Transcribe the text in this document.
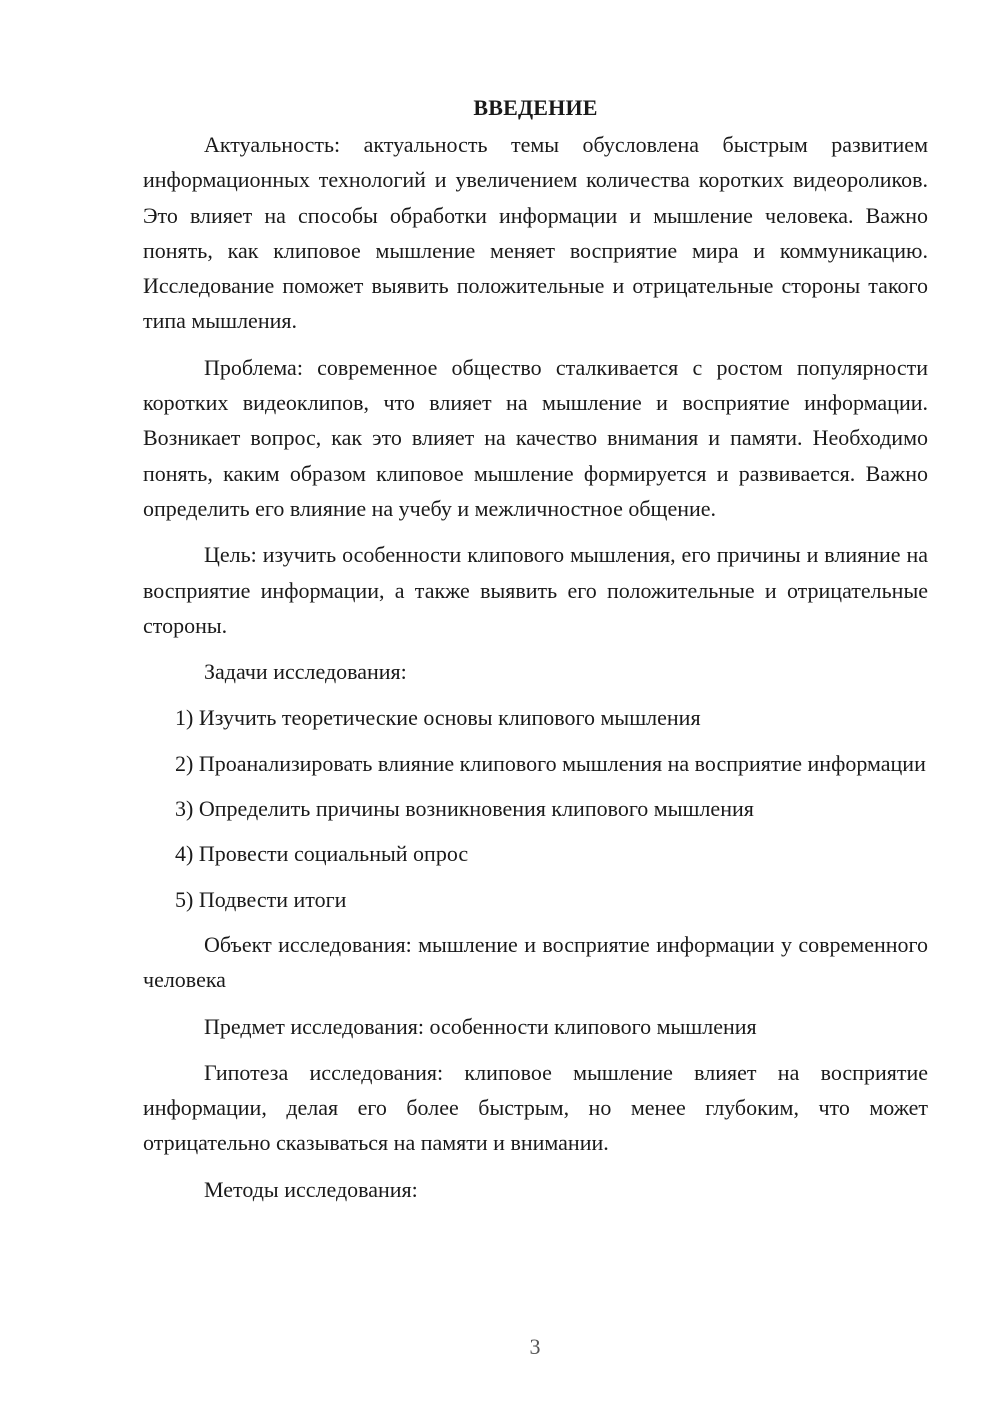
ВВЕДЕНИЕ

Актуальность: актуальность темы обусловлена быстрым развитием информационных технологий и увеличением количества коротких видеороликов. Это влияет на способы обработки информации и мышление человека. Важно понять, как клиповое мышление меняет восприятие мира и коммуникацию. Исследование поможет выявить положительные и отрицательные стороны такого типа мышления.

Проблема: современное общество сталкивается с ростом популярности коротких видеоклипов, что влияет на мышление и восприятие информации. Возникает вопрос, как это влияет на качество внимания и памяти. Необходимо понять, каким образом клиповое мышление формируется и развивается. Важно определить его влияние на учебу и межличностное общение.

Цель: изучить особенности клипового мышления, его причины и влияние на восприятие информации, а также выявить его положительные и отрицательные стороны.

Задачи исследования:

1) Изучить теоретические основы клипового мышления

2) Проанализировать влияние клипового мышления на восприятие информации

3) Определить причины возникновения клипового мышления

4) Провести социальный опрос

5) Подвести итоги

Объект исследования: мышление и восприятие информации у современного человека

Предмет исследования: особенности клипового мышления

Гипотеза исследования: клиповое мышление влияет на восприятие информации, делая его более быстрым, но менее глубоким, что может отрицательно сказываться на памяти и внимании.

Методы исследования:

3
